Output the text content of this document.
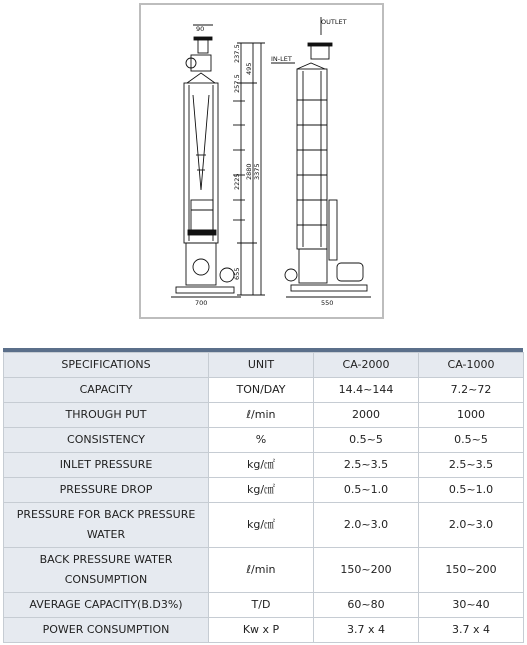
OUTLET
IN-LET
90
700	550
257.5
237.5
495
2225
2880 3375
655
SPECIFICATIONS	UNIT	CA-2000	CA-1000
CAPACITY	TON/DAY	14.4~144	7.2~72
THROUGH PUT	ℓ/min	2000	1000
CONSISTENCY	%	0.5~5	0.5~5
INLET PRESSURE	kg/㎠	2.5~3.5	2.5~3.5
PRESSURE DROP	kg/㎠	0.5~1.0	0.5~1.0
PRESSURE FOR BACK PRESSURE WATER	kg/㎠	2.0~3.0	2.0~3.0
BACK PRESSURE WATER CONSUMPTION	ℓ/min	150~200	150~200
AVERAGE CAPACITY(B.D3%)	T/D	60~80	30~40
POWER CONSUMPTION	Kw x P	3.7 x 4	3.7 x 4
